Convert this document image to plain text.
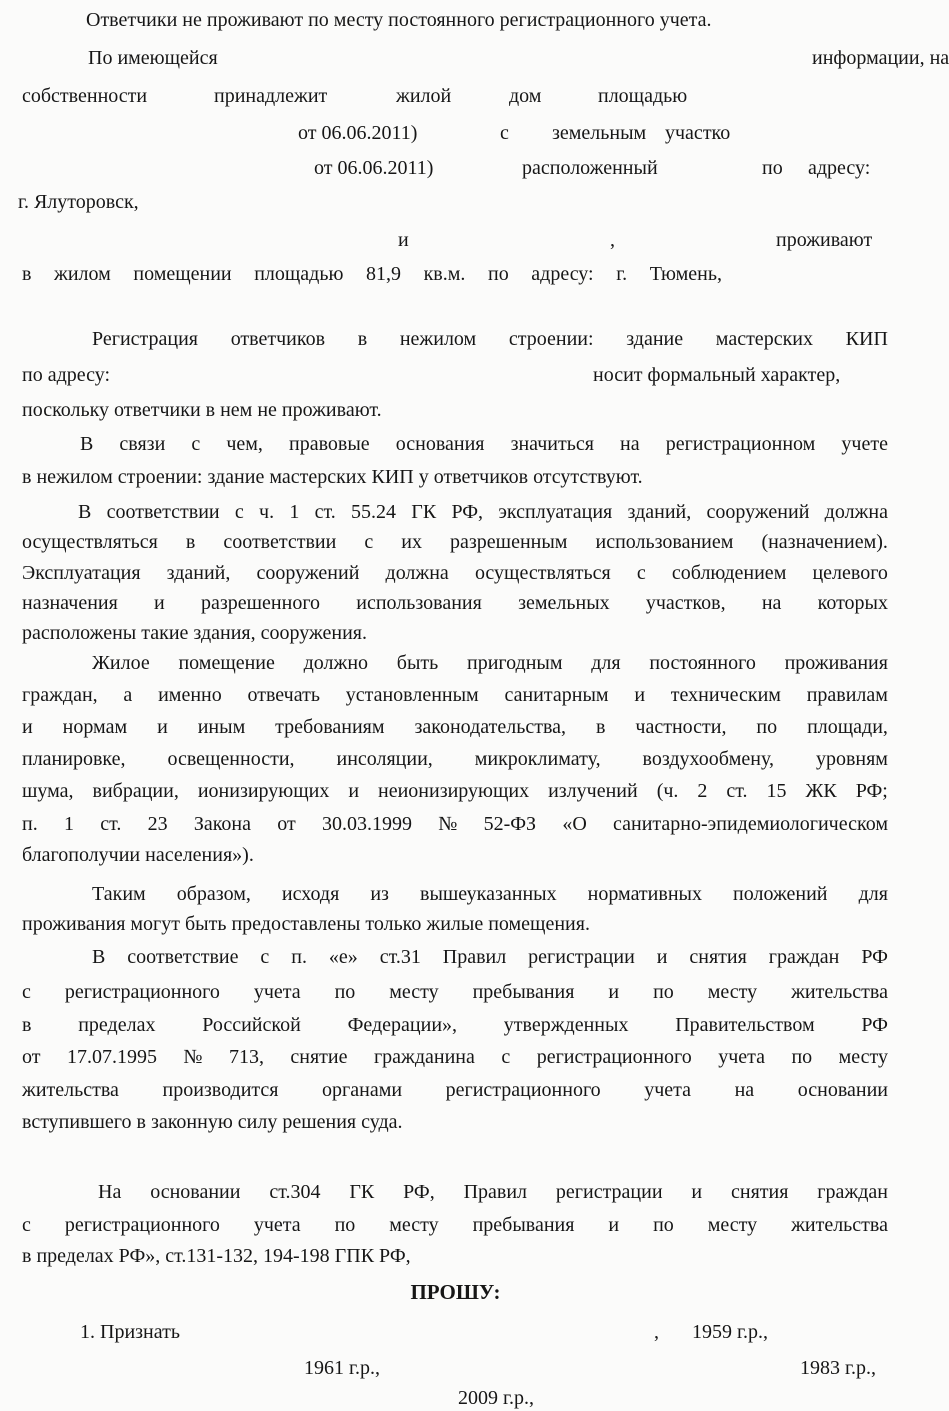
Ответчики не проживают по месту постоянного регистрационного учета.
По имеющейся	информации, на
собственности	принадлежит	жилой	дом	площадью
от 06.06.2011)	с земельным участко
от 06.06.2011)	расположенный	по адресу:
г. Ялуторовск,
и	,	проживают
в жилом помещении площадью 81,9 кв.м. по адресу: г. Тюмень,
Регистрация ответчиков в нежилом строении: здание мастерских КИП
по адресу:	носит формальный характер,
поскольку ответчики в нем не проживают.
В связи с чем, правовые основания значиться на регистрационном учете
в нежилом строении: здание мастерских КИП у ответчиков отсутствуют.
В соответствии с ч. 1 ст. 55.24 ГК РФ, эксплуатация зданий, сооружений должна
осуществляться в соответствии с их разрешенным использованием (назначением).
Эксплуатация зданий, сооружений должна осуществляться с соблюдением целевого
назначения и разрешенного использования земельных участков, на которых
расположены такие здания, сооружения.
Жилое помещение должно быть пригодным для постоянного проживания
граждан, а именно отвечать установленным санитарным и техническим правилам
и нормам и иным требованиям законодательства, в частности, по площади,
планировке, освещенности, инсоляции, микроклимату, воздухообмену, уровням
шума, вибрации, ионизирующих и неионизирующих излучений (ч. 2 ст. 15 ЖК РФ;
п. 1 ст. 23 Закона от 30.03.1999 № 52-ФЗ «О санитарно-эпидемиологическом
благополучии населения»).
Таким образом, исходя из вышеуказанных нормативных положений для
проживания могут быть предоставлены только жилые помещения.
В соответствие с п. «е» ст.31 Правил регистрации и снятия граждан РФ
с регистрационного учета по месту пребывания и по месту жительства
в пределах Российской Федерации», утвержденных Правительством РФ
от 17.07.1995 № 713, снятие гражданина с регистрационного учета по месту
жительства производится органами регистрационного учета на основании
вступившего в законную силу решения суда.
На основании ст.304 ГК РФ, Правил регистрации и снятия граждан
с регистрационного учета по месту пребывания и по месту жительства
в пределах РФ», ст.131-132, 194-198 ГПК РФ,
ПРОШУ:
1. Признать	, 1959 г.р.,
1961 г.р.,	1983 г.р.,
2009 г.р.,
